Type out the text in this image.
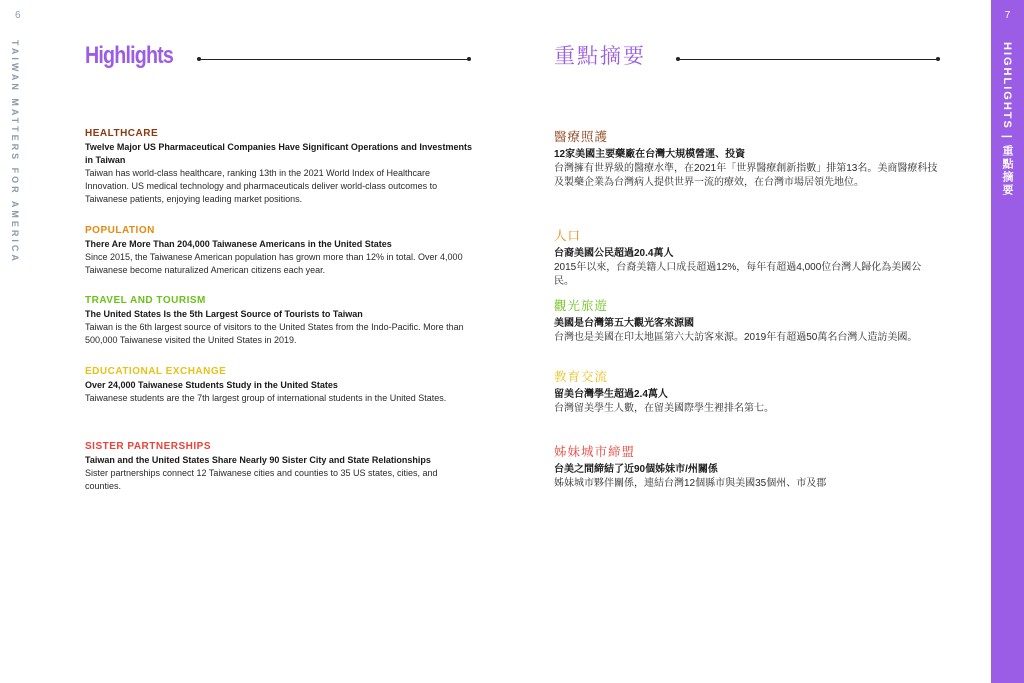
6
TAIWAN MATTERS FOR AMERICA
7
HIGHLIGHTS | 重點摘要
Highlights	重點摘要
HEALTHCARE
Twelve Major US Pharmaceutical Companies Have Significant Operations and Investments in Taiwan
Taiwan has world-class healthcare, ranking 13th in the 2021 World Index of Healthcare Innovation. US medical technology and pharmaceuticals deliver world-class outcomes to Taiwanese patients, enjoying leading market positions.
POPULATION
There Are More Than 204,000 Taiwanese Americans in the United States
Since 2015, the Taiwanese American population has grown more than 12% in total. Over 4,000 Taiwanese become naturalized American citizens each year.
TRAVEL AND TOURISM
The United States Is the 5th Largest Source of Tourists to Taiwan
Taiwan is the 6th largest source of visitors to the United States from the Indo-Pacific. More than 500,000 Taiwanese visited the United States in 2019.
EDUCATIONAL EXCHANGE
Over 24,000 Taiwanese Students Study in the United States
Taiwanese students are the 7th largest group of international students in the United States.
SISTER PARTNERSHIPS
Taiwan and the United States Share Nearly 90 Sister City and State Relationships
Sister partnerships connect 12 Taiwanese cities and counties to 35 US states, cities, and counties.
醫療照護
12家美國主要藥廠在台灣大規模營運、投資
台灣擁有世界級的醫療水準，在2021年「世界醫療創新指數」排第13名。美商醫療科技及製藥企業為台灣病人提供世界一流的療效，在台灣市場居領先地位。
人口
台裔美國公民超過20.4萬人
2015年以來，台裔美籍人口成長超過12%，每年有超過4,000位台灣人歸化為美國公民。
觀光旅遊
美國是台灣第五大觀光客來源國
台灣也是美國在印太地區第六大訪客來源。2019年有超過50萬名台灣人造訪美國。
教育交流
留美台灣學生超過2.4萬人
台灣留美學生人數，在留美國際學生裡排名第七。
姊妹城市締盟
台美之間締結了近90個姊妹市/州關係
姊妹城市夥伴關係，連結台灣12個縣市與美國35個州、市及郡
